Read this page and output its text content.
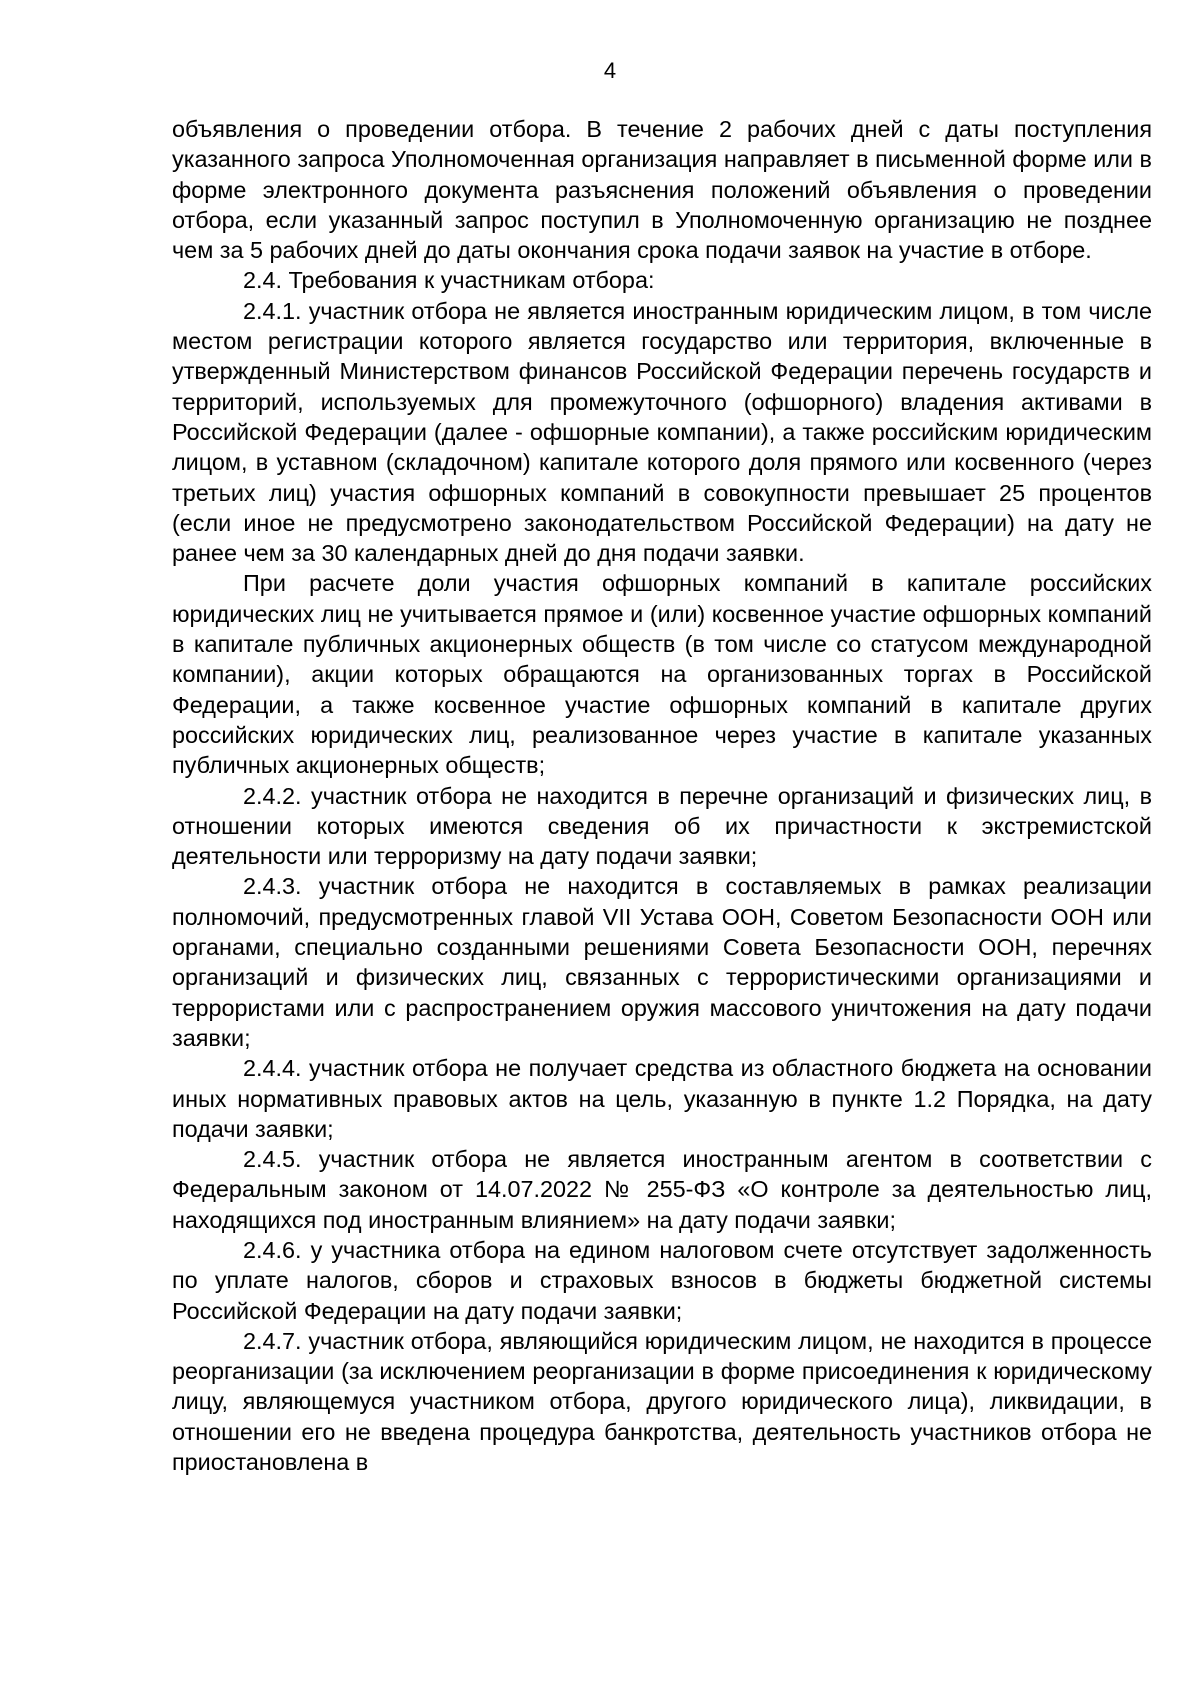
4

объявления о проведении отбора. В течение 2 рабочих дней с даты поступления указанного запроса Уполномоченная организация направляет в письменной форме или в форме электронного документа разъяснения положений объявления о проведении отбора, если указанный запрос поступил в Уполномоченную организацию не позднее чем за 5 рабочих дней до даты окончания срока подачи заявок на участие в отборе.

2.4. Требования к участникам отбора:

2.4.1. участник отбора не является иностранным юридическим лицом, в том числе местом регистрации которого является государство или территория, включенные в утвержденный Министерством финансов Российской Федерации перечень государств и территорий, используемых для промежуточного (офшорного) владения активами в Российской Федерации (далее - офшорные компании), а также российским юридическим лицом, в уставном (складочном) капитале которого доля прямого или косвенного (через третьих лиц) участия офшорных компаний в совокупности превышает 25 процентов (если иное не предусмотрено законодательством Российской Федерации) на дату не ранее чем за 30 календарных дней до дня подачи заявки.

При расчете доли участия офшорных компаний в капитале российских юридических лиц не учитывается прямое и (или) косвенное участие офшорных компаний в капитале публичных акционерных обществ (в том числе со статусом международной компании), акции которых обращаются на организованных торгах в Российской Федерации, а также косвенное участие офшорных компаний в капитале других российских юридических лиц, реализованное через участие в капитале указанных публичных акционерных обществ;

2.4.2. участник отбора не находится в перечне организаций и физических лиц, в отношении которых имеются сведения об их причастности к экстремистской деятельности или терроризму на дату подачи заявки;

2.4.3. участник отбора не находится в составляемых в рамках реализации полномочий, предусмотренных главой VII Устава ООН, Советом Безопасности ООН или органами, специально созданными решениями Совета Безопасности ООН, перечнях организаций и физических лиц, связанных с террористическими организациями и террористами или с распространением оружия массового уничтожения на дату подачи заявки;

2.4.4. участник отбора не получает средства из областного бюджета на основании иных нормативных правовых актов на цель, указанную в пункте 1.2 Порядка, на дату подачи заявки;

2.4.5. участник отбора не является иностранным агентом в соответствии с Федеральным законом от 14.07.2022 № 255-ФЗ «О контроле за деятельностью лиц, находящихся под иностранным влиянием» на дату подачи заявки;

2.4.6. у участника отбора на едином налоговом счете отсутствует задолженность по уплате налогов, сборов и страховых взносов в бюджеты бюджетной системы Российской Федерации на дату подачи заявки;

2.4.7. участник отбора, являющийся юридическим лицом, не находится в процессе реорганизации (за исключением реорганизации в форме присоединения к юридическому лицу, являющемуся участником отбора, другого юридического лица), ликвидации, в отношении его не введена процедура банкротства, деятельность участников отбора не приостановлена в
